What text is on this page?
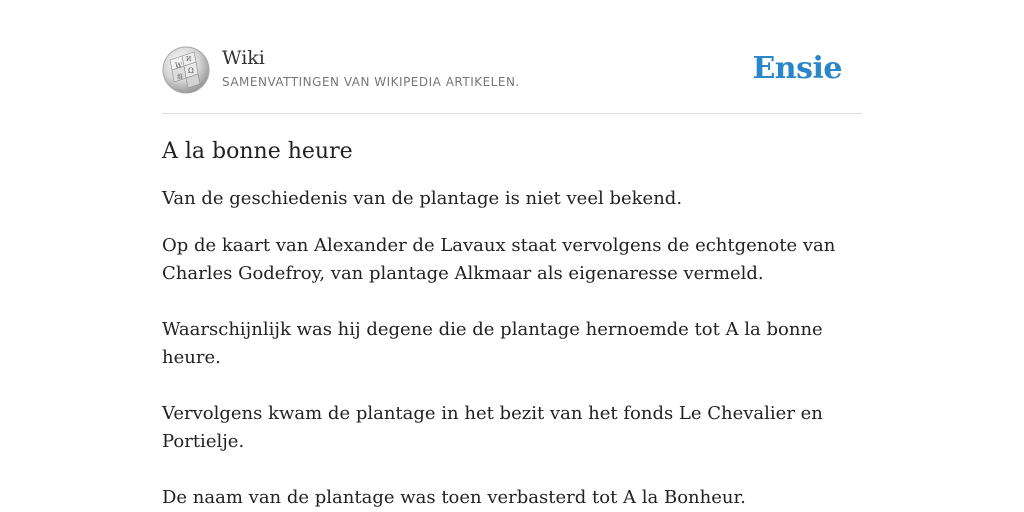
W
Ω
維
И Wiki
SAMENVATTINGEN VAN WIKIPEDIA ARTIKELEN.	Ensie
A la bonne heure

Van de geschiedenis van de plantage is niet veel bekend.

Op de kaart van Alexander de Lavaux staat vervolgens de echtgenote van Charles Godefroy, van plantage Alkmaar als eigenaresse vermeld.

Waarschijnlijk was hij degene die de plantage hernoemde tot A la bonne heure.

Vervolgens kwam de plantage in het bezit van het fonds Le Chevalier en Portielje.

De naam van de plantage was toen verbasterd tot A la Bonheur.
